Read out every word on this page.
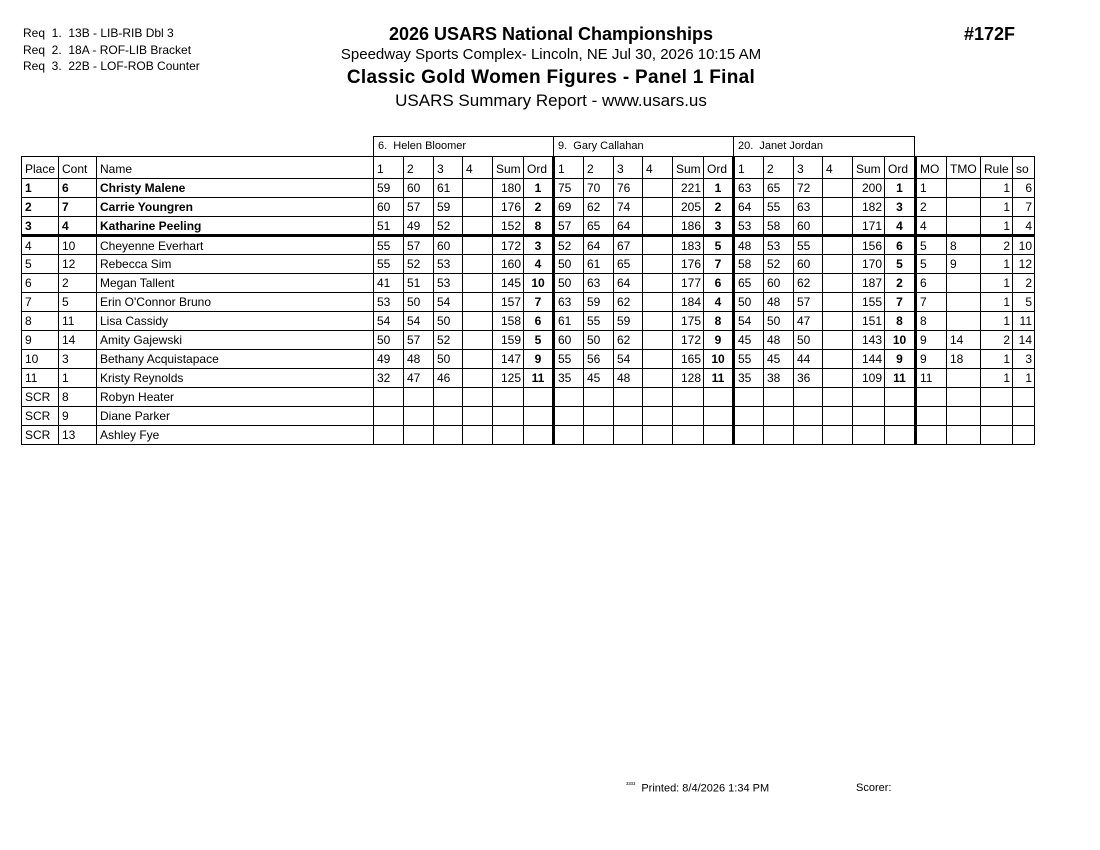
Req  1.  13B - LIB-RIB Dbl 3
Req  2.  18A - ROF-LIB Bracket
Req  3.  22B - LOF-ROB Counter
2026 USARS National Championships
Speedway Sports Complex- Lincoln, NE Jul 30, 2026 10:15 AM
Classic Gold Women Figures - Panel 1 Final
USARS Summary Report - www.usars.us
#172F
6.  Helen Bloomer	9.  Gary Callahan	20.  Janet Jordan
Place	Cont	Name	1	2	3	4	Sum	Ord	1	2	3	4	Sum	Ord	1	2	3	4	Sum	Ord	MO	TMO	Rule	so
1	6	Christy Malene	59	60	61		180	1	75	70	76		221	1	63	65	72		200	1	1		1	6
2	7	Carrie Youngren	60	57	59		176	2	69	62	74		205	2	64	55	63		182	3	2		1	7
3	4	Katharine Peeling	51	49	52		152	8	57	65	64		186	3	53	58	60		171	4	4		1	4
4	10	Cheyenne Everhart	55	57	60		172	3	52	64	67		183	5	48	53	55		156	6	5	8	2	10
5	12	Rebecca Sim	55	52	53		160	4	50	61	65		176	7	58	52	60		170	5	5	9	1	12
6	2	Megan Tallent	41	51	53		145	10	50	63	64		177	6	65	60	62		187	2	6		1	2
7	5	Erin O'Connor Bruno	53	50	54		157	7	63	59	62		184	4	50	48	57		155	7	7		1	5
8	11	Lisa Cassidy	54	54	50		158	6	61	55	59		175	8	54	50	47		151	8	8		1	11
9	14	Amity Gajewski	50	57	52		159	5	60	50	62		172	9	45	48	50		143	10	9	14	2	14
10	3	Bethany Acquistapace	49	48	50		147	9	55	56	54		165	10	55	45	44		144	9	9	18	1	3
11	1	Kristy Reynolds	32	47	46		125	11	35	45	48		128	11	35	38	36		109	11	11		1	1
SCR	8	Robyn Heater																						
SCR	9	Diane Parker																						
SCR	13	Ashley Fye																						
$^{^{3333}}$ Printed: 8/4/2026 1:34 PM	Scorer:
